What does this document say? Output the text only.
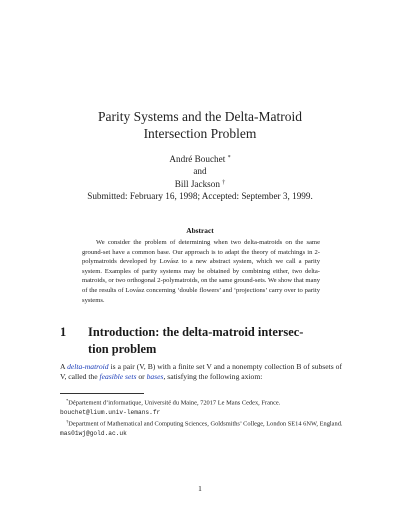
Parity Systems and the Delta-Matroid
Intersection Problem
André Bouchet *
and
Bill Jackson †
Submitted: February 16, 1998; Accepted: September 3, 1999.
Abstract
We consider the problem of determining when two delta-matroids on the same ground-set have a common base. Our approach is to adapt the theory of matchings in 2-polymatroids developed by Lovász to a new abstract system, which we call a parity system. Examples of parity systems may be obtained by combining either, two delta-matroids, or two orthogonal 2-polymatroids, on the same ground-sets. We show that many of the results of Lovász concerning ‘double flowers’ and ‘projections’ carry over to parity systems.
1 Introduction: the delta-matroid intersec-
tion problem
A delta-matroid is a pair (V, B) with a finite set V and a nonempty collection B of subsets of V, called the feasible sets or bases, satisfying the following axiom:
*Département d’informatique, Université du Maine, 72017 Le Mans Cedex, France.
bouchet@lium.univ-lemans.fr
†Department of Mathematical and Computing Sciences, Goldsmiths’ College, London SE14 6NW, England. mas01wj@gold.ac.uk
1
